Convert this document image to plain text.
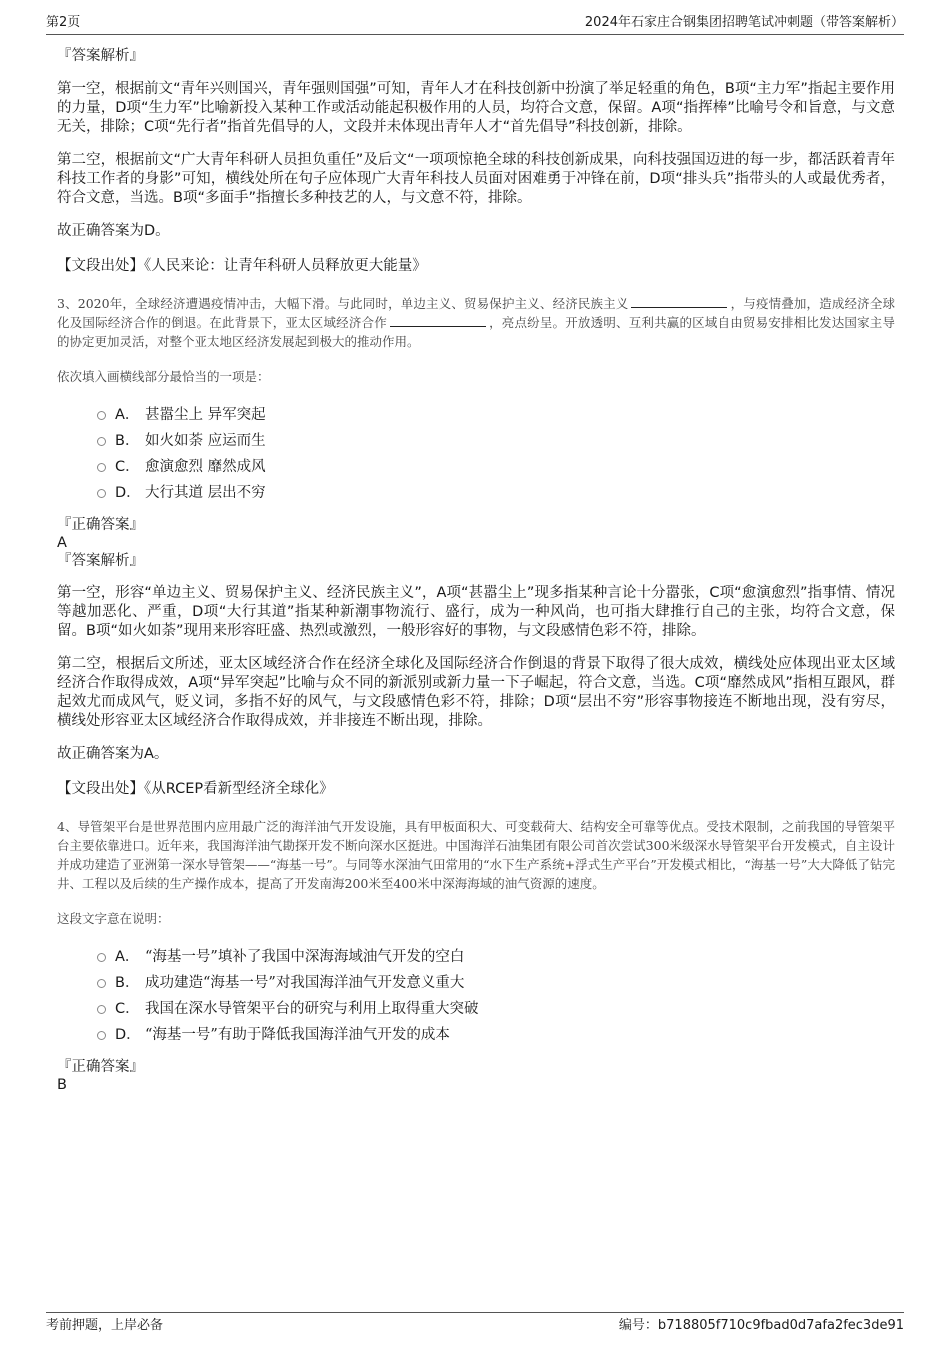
第2页	2024年石家庄合钢集团招聘笔试冲刺题（带答案解析）

『答案解析』

第一空，根据前文“青年兴则国兴，青年强则国强”可知，青年人才在科技创新中扮演了举足轻重的角色，B项“主力军”指起主要作用的力量，D项“生力军”比喻新投入某种工作或活动能起积极作用的人员，均符合文意，保留。A项“指挥棒”比喻号令和旨意，与文意无关，排除；C项“先行者”指首先倡导的人，文段并未体现出青年人才“首先倡导”科技创新，排除。

第二空，根据前文“广大青年科研人员担负重任”及后文“一项项惊艳全球的科技创新成果，向科技强国迈进的每一步，都活跃着青年科技工作者的身影”可知，横线处所在句子应体现广大青年科技人员面对困难勇于冲锋在前，D项“排头兵”指带头的人或最优秀者，符合文意，当选。B项“多面手”指擅长多种技艺的人，与文意不符，排除。

故正确答案为D。

【文段出处】《人民来论：让青年科研人员释放更大能量》

3、2020年，全球经济遭遇疫情冲击，大幅下滑。与此同时，单边主义、贸易保护主义、经济民族主义	，与疫情叠加，造成经济全球化及国际经济合作的倒退。在此背景下，亚太区域经济合作	，亮点纷呈。开放透明、互利共赢的区域自由贸易安排相比发达国家主导的协定更加灵活，对整个亚太地区经济发展起到极大的推动作用。

依次填入画横线部分最恰当的一项是：

A． 甚嚣尘上 异军突起
B． 如火如荼 应运而生
C． 愈演愈烈 靡然成风
D． 大行其道 层出不穷

『正确答案』

A

『答案解析』

第一空，形容“单边主义、贸易保护主义、经济民族主义”，A项“甚嚣尘上”现多指某种言论十分嚣张，C项“愈演愈烈”指事情、情况等越加恶化、严重，D项“大行其道”指某种新潮事物流行、盛行，成为一种风尚，也可指大肆推行自己的主张，均符合文意，保留。B项“如火如荼”现用来形容旺盛、热烈或激烈，一般形容好的事物，与文段感情色彩不符，排除。

第二空，根据后文所述，亚太区域经济合作在经济全球化及国际经济合作倒退的背景下取得了很大成效，横线处应体现出亚太区域经济合作取得成效，A项“异军突起”比喻与众不同的新派别或新力量一下子崛起，符合文意，当选。C项“靡然成风”指相互跟风，群起效尤而成风气，贬义词，多指不好的风气，与文段感情色彩不符，排除；D项“层出不穷”形容事物接连不断地出现，没有穷尽，横线处形容亚太区域经济合作取得成效，并非接连不断出现，排除。

故正确答案为A。

【文段出处】《从RCEP看新型经济全球化》

4、导管架平台是世界范围内应用最广泛的海洋油气开发设施，具有甲板面积大、可变载荷大、结构安全可靠等优点。受技术限制，之前我国的导管架平台主要依靠进口。近年来，我国海洋油气勘探开发不断向深水区挺进。中国海洋石油集团有限公司首次尝试300米级深水导管架平台开发模式，自主设计并成功建造了亚洲第一深水导管架——“海基一号”。与同等水深油气田常用的“水下生产系统+浮式生产平台”开发模式相比，“海基一号”大大降低了钻完井、工程以及后续的生产操作成本，提高了开发南海200米至400米中深海海域的油气资源的速度。

这段文字意在说明：

A． “海基一号”填补了我国中深海海域油气开发的空白
B． 成功建造“海基一号”对我国海洋油气开发意义重大
C． 我国在深水导管架平台的研究与利用上取得重大突破
D． “海基一号”有助于降低我国海洋油气开发的成本

『正确答案』

B

考前押题，上岸必备	编号：b718805f710c9fbad0d7afa2fec3de91
